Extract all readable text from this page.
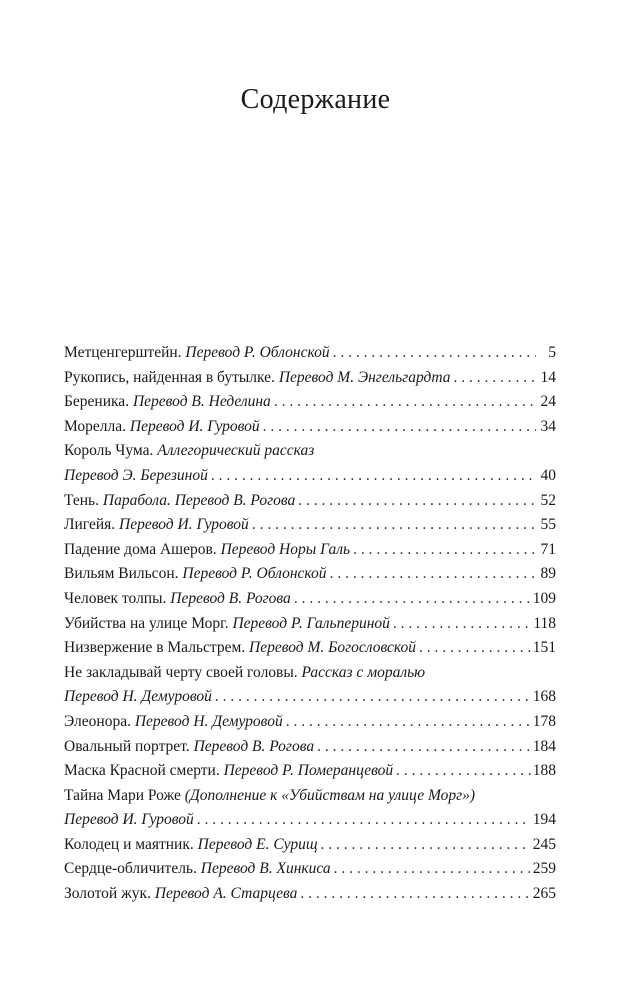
Содержание
Метценгерштейн.
Перевод Р. Облонской . . .	5
Рукопись, найденная в бутылке.
Перевод М. Энгельгардта . . .	14
Береника.
Перевод В. Неделина . . .	24
Морелла.
Перевод И. Гуровой . . .	34
Король Чума.
Аллегорический рассказ
Перевод Э. Березиной . . .	40
Тень.
Парабола. Перевод В. Рогова . . .	52
Лигейя.
Перевод И. Гуровой . . .	55
Падение дома Ашеров.
Перевод Норы Галь . . .	71
Вильям Вильсон.
Перевод Р. Облонской . . .	89
Человек толпы.
Перевод В. Рогова . . .	109
Убийства на улице Морг.
Перевод Р. Гальпериной . . .	118
Низвержение в Мальстрем.
Перевод М. Богословской . . .	151
Не закладывай черту своей головы.
Рассказ с моралью
Перевод Н. Демуровой . . .	168
Элеонора.
Перевод Н. Демуровой . . .	178
Овальный портрет.
Перевод В. Рогова . . .	184
Маска Красной смерти.
Перевод Р. Померанцевой . . .	188
Тайна Мари Роже
(Дополнение к «Убийствам на улице Морг»)
Перевод И. Гуровой . . .	194
Колодец и маятник.
Перевод Е. Сурищ . . .	245
Сердце-обличитель.
Перевод В. Хинкиса . . .	259
Золотой жук.
Перевод А. Старцева . . .	265
